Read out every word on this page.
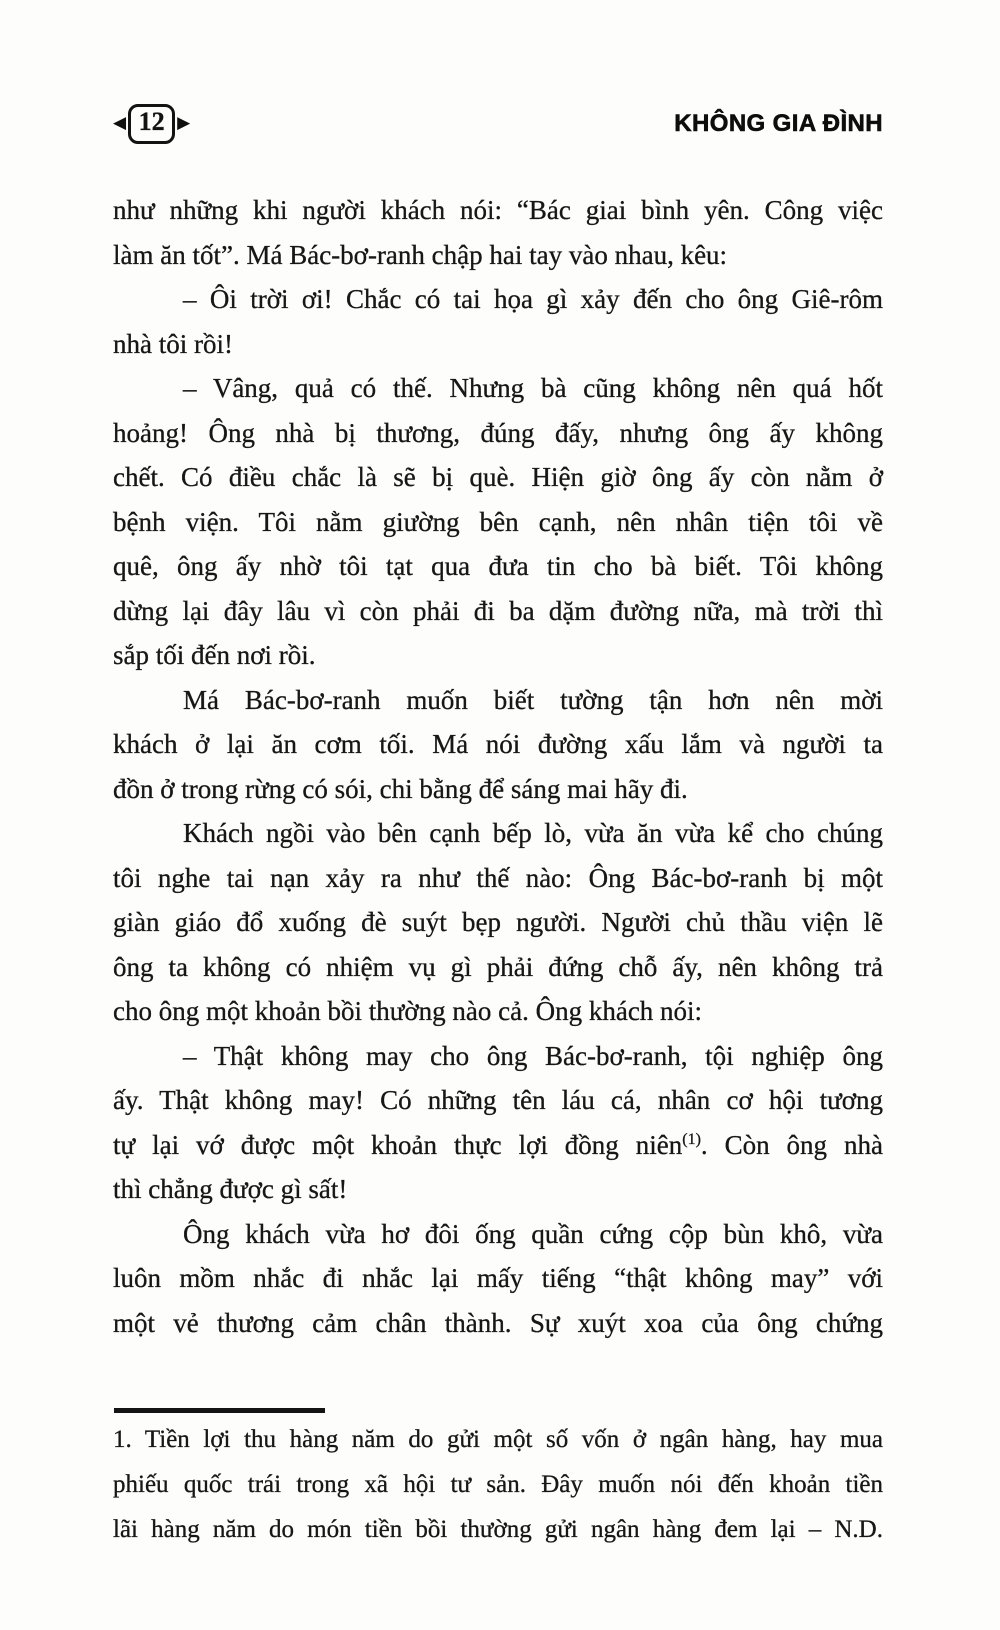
◀ 12 ▶	KHÔNG GIA ĐÌNH
như những khi người khách nói: “Bác giai bình yên. Công việc
làm ăn tốt”. Má Bác-bơ-ranh chập hai tay vào nhau, kêu:
– Ôi trời ơi! Chắc có tai họa gì xảy đến cho ông Giê-rôm
nhà tôi rồi!
– Vâng, quả có thế. Nhưng bà cũng không nên quá hốt
hoảng! Ông nhà bị thương, đúng đấy, nhưng ông ấy không
chết. Có điều chắc là sẽ bị què. Hiện giờ ông ấy còn nằm ở
bệnh viện. Tôi nằm giường bên cạnh, nên nhân tiện tôi về
quê, ông ấy nhờ tôi tạt qua đưa tin cho bà biết. Tôi không
dừng lại đây lâu vì còn phải đi ba dặm đường nữa, mà trời thì
sắp tối đến nơi rồi.
Má Bác-bơ-ranh muốn biết tường tận hơn nên mời
khách ở lại ăn cơm tối. Má nói đường xấu lắm và người ta
đồn ở trong rừng có sói, chi bằng để sáng mai hãy đi.
Khách ngồi vào bên cạnh bếp lò, vừa ăn vừa kể cho chúng
tôi nghe tai nạn xảy ra như thế nào: Ông Bác-bơ-ranh bị một
giàn giáo đổ xuống đè suýt bẹp người. Người chủ thầu viện lẽ
ông ta không có nhiệm vụ gì phải đứng chỗ ấy, nên không trả
cho ông một khoản bồi thường nào cả. Ông khách nói:
– Thật không may cho ông Bác-bơ-ranh, tội nghiệp ông
ấy. Thật không may! Có những tên láu cá, nhân cơ hội tương
tự lại vớ được một khoản thực lợi đồng niên$^{(1)}$. Còn ông nhà
thì chẳng được gì sất!
Ông khách vừa hơ đôi ống quần cứng cộp bùn khô, vừa
luôn mồm nhắc đi nhắc lại mấy tiếng “thật không may” với
một vẻ thương cảm chân thành. Sự xuýt xoa của ông chứng
1. Tiền lợi thu hàng năm do gửi một số vốn ở ngân hàng, hay mua
phiếu quốc trái trong xã hội tư sản. Đây muốn nói đến khoản tiền
lãi hàng năm do món tiền bồi thường gửi ngân hàng đem lại – N.D.
